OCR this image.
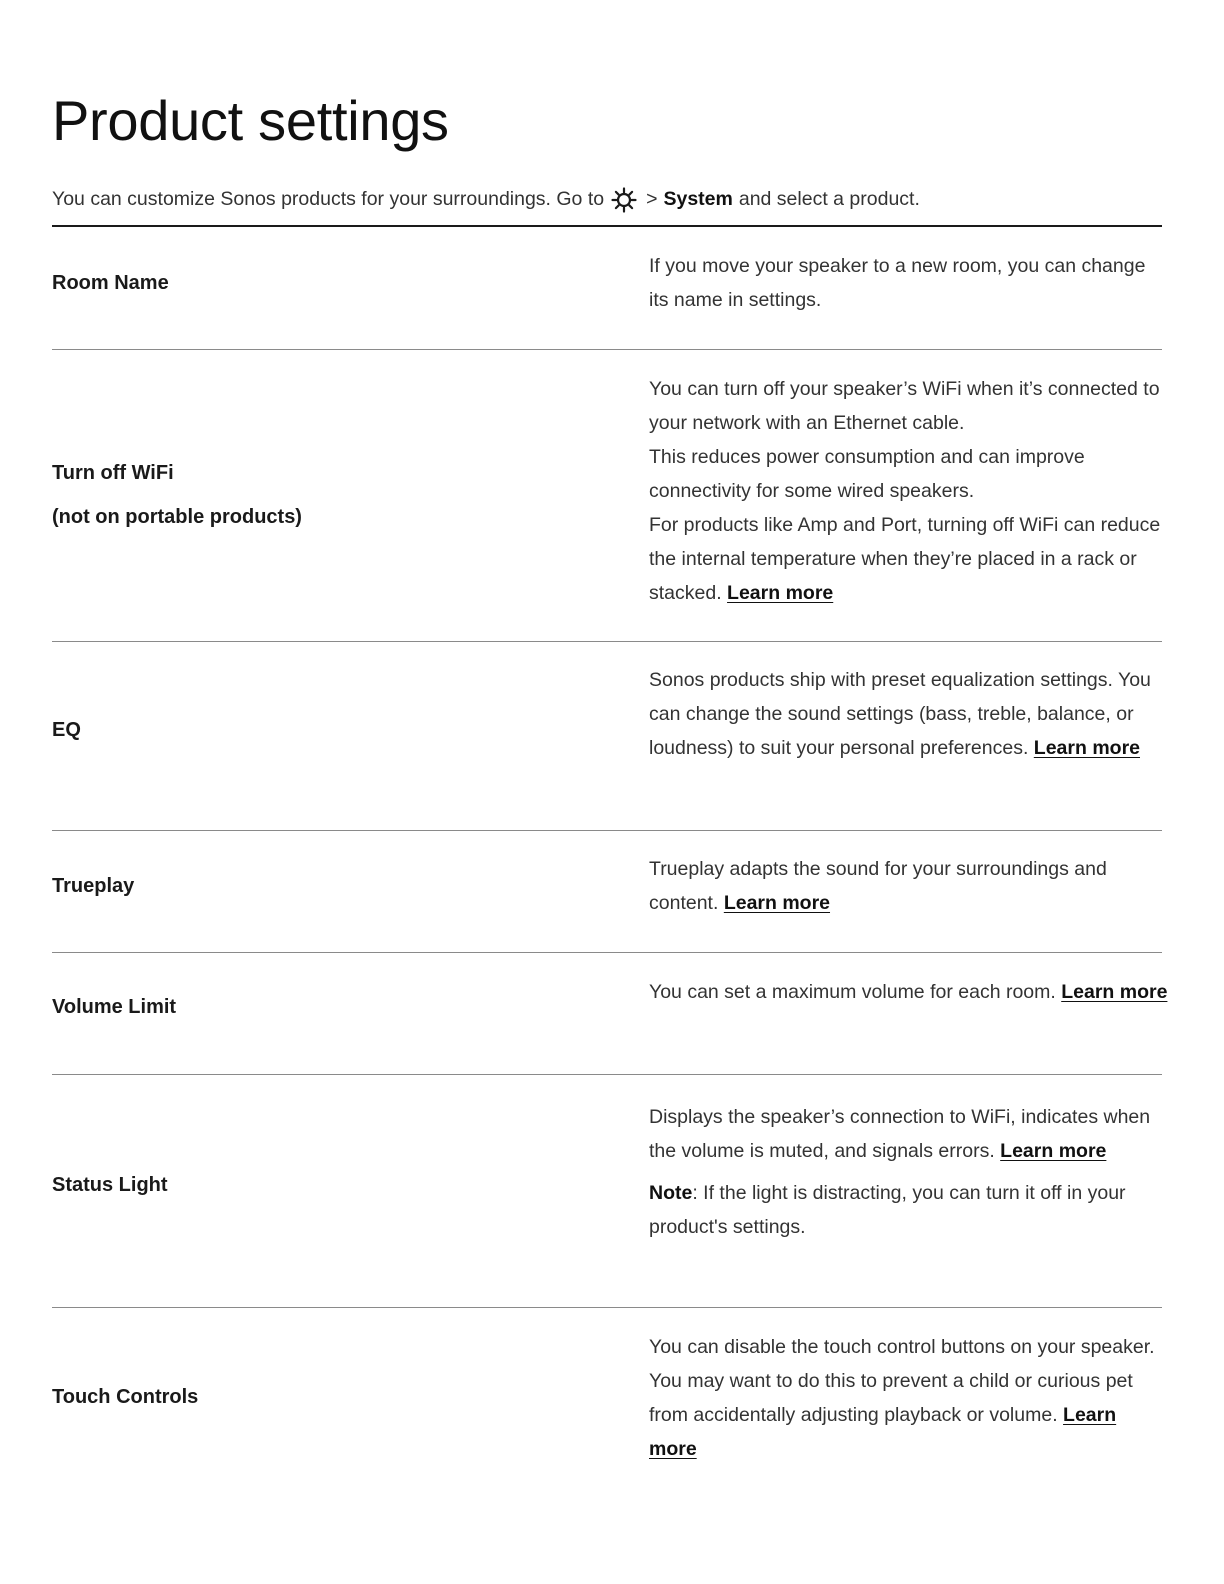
Product settings
You can customize Sonos products for your surroundings. Go to > System and select a product.
Room Name

If you move your speaker to a new room, you can change its name in settings.

Turn off WiFi
(not on portable products)

You can turn off your speaker’s WiFi when it’s connected to your network with an Ethernet cable.

This reduces power consumption and can improve connectivity for some wired speakers.

For products like Amp and Port, turning off WiFi can reduce the internal temperature when they’re placed in a rack or stacked. Learn more

EQ

Sonos products ship with preset equalization settings. You can change the sound settings (bass, treble, balance, or loudness) to suit your personal preferences. Learn more

Trueplay

Trueplay adapts the sound for your surroundings and content. Learn more

Volume Limit

You can set a maximum volume for each room. Learn more

Status Light

Displays the speaker’s connection to WiFi, indicates when the volume is muted, and signals errors. Learn more

Note: If the light is distracting, you can turn it off in your product's settings.

Touch Controls

You can disable the touch control buttons on your speaker. You may want to do this to prevent a child or curious pet from accidentally adjusting playback or volume. Learn more
